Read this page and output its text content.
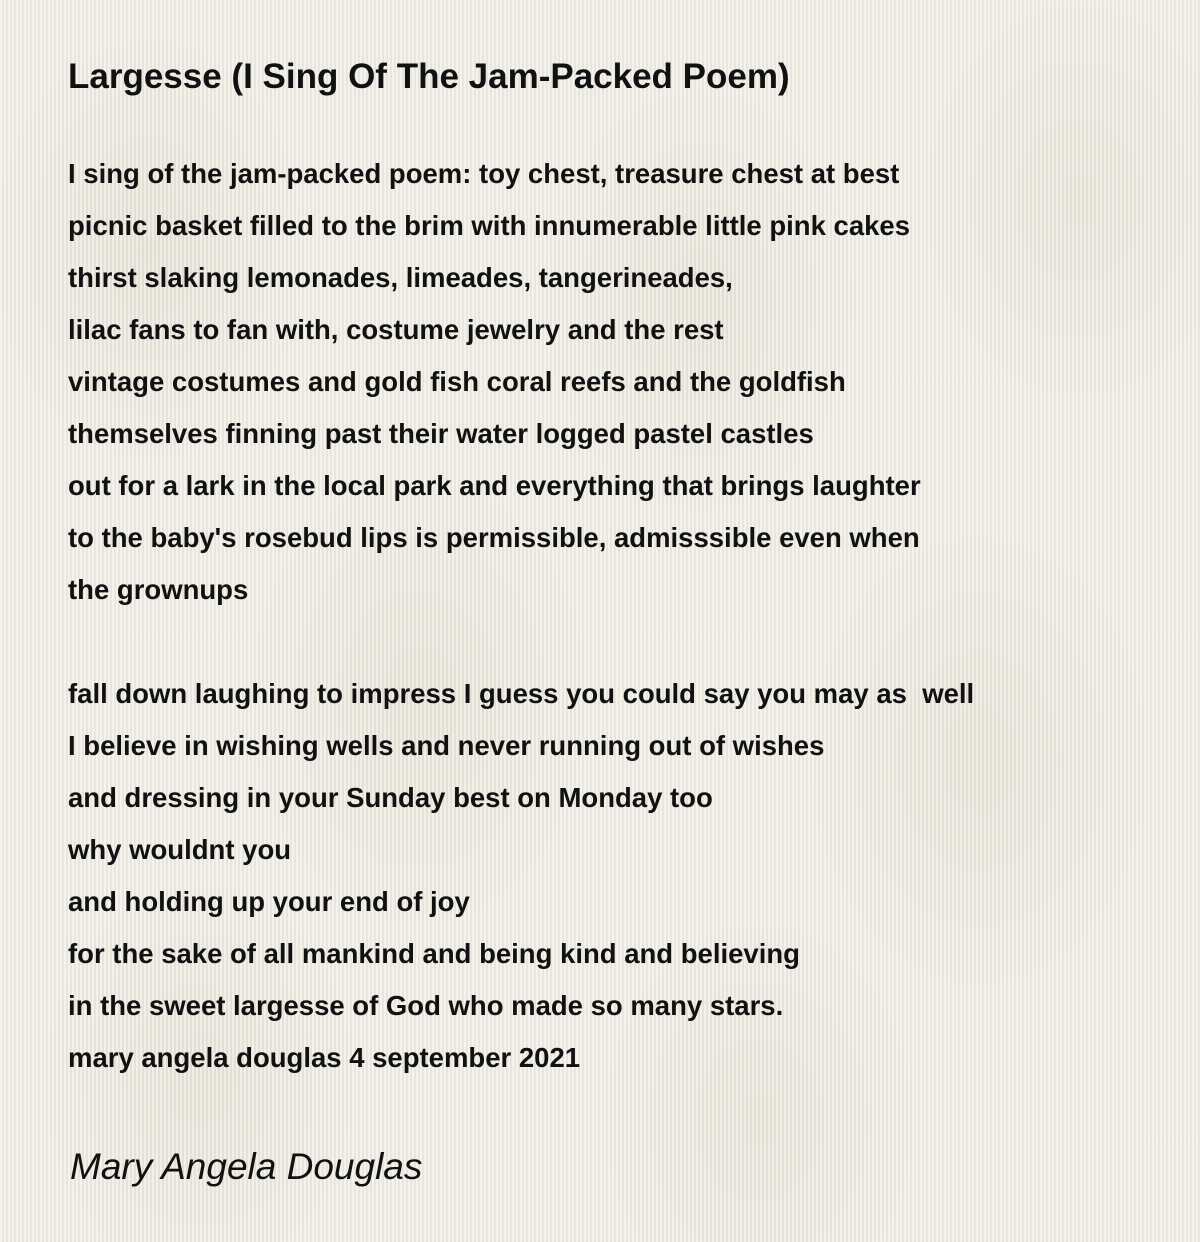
Largesse (I Sing Of The Jam-Packed Poem)
I sing of the jam-packed poem: toy chest, treasure chest at best
picnic basket filled to the brim with innumerable little pink cakes
thirst slaking lemonades, limeades, tangerineades,
lilac fans to fan with, costume jewelry and the rest
vintage costumes and gold fish coral reefs and the goldfish
themselves finning past their water logged pastel castles
out for a lark in the local park and everything that brings laughter
to the baby's rosebud lips is permissible, admisssible even when
the grownups
fall down laughing to impress I guess you could say you may as  well
I believe in wishing wells and never running out of wishes
and dressing in your Sunday best on Monday too
why wouldnt you
and holding up your end of joy
for the sake of all mankind and being kind and believing
in the sweet largesse of God who made so many stars.
mary angela douglas 4 september 2021
Mary Angela Douglas
